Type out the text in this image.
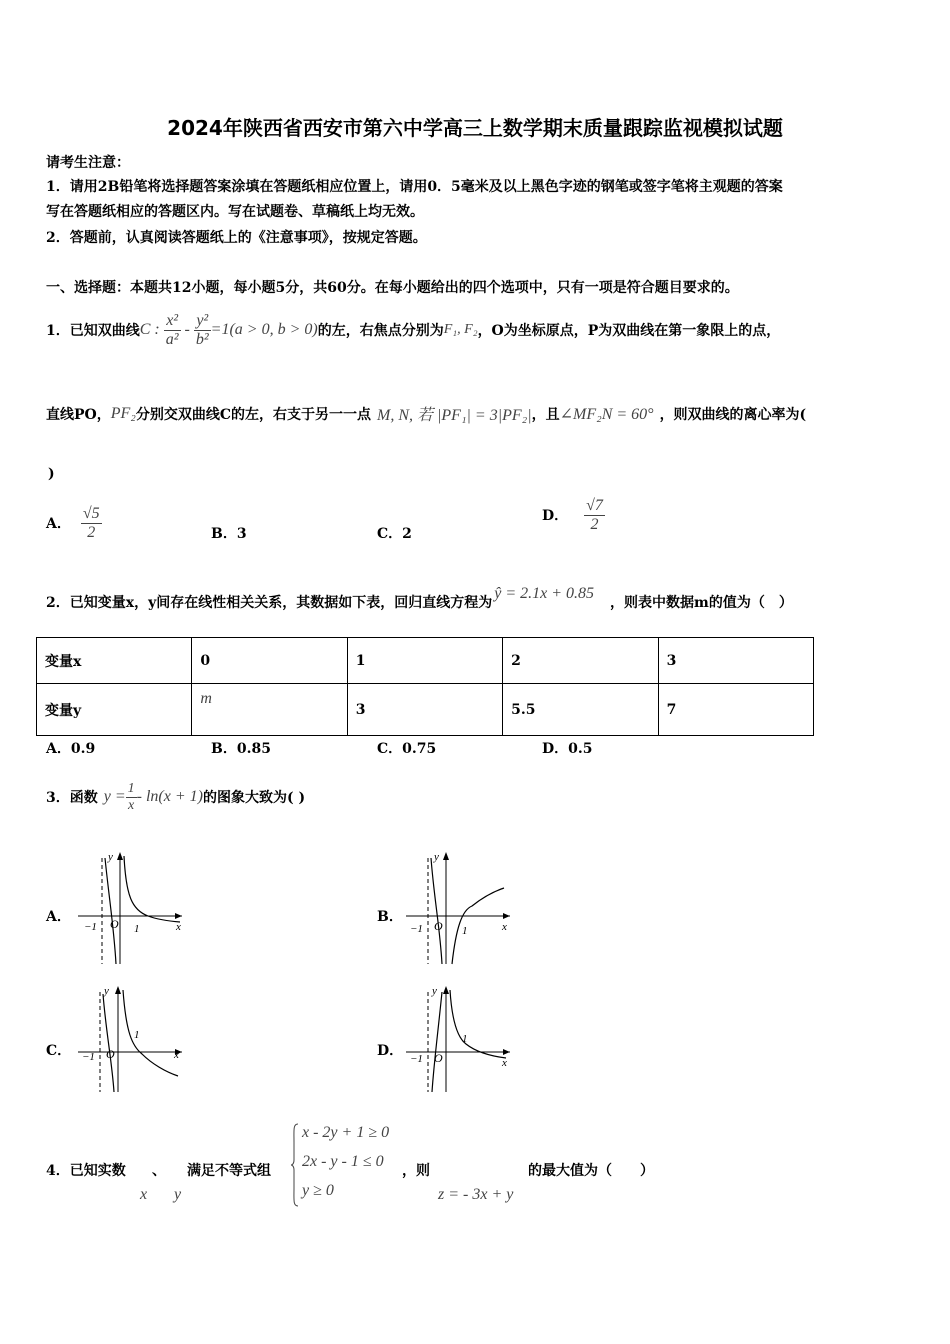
2024年陕西省西安市第六中学高三上数学期末质量跟踪监视模拟试题
请考生注意：
1．请用2B铅笔将选择题答案涂填在答题纸相应位置上，请用0．5毫米及以上黑色字迹的钢笔或签字笔将主观题的答案
写在答题纸相应的答题区内。写在试题卷、草稿纸上均无效。
2．答题前，认真阅读答题纸上的《注意事项》，按规定答题。
一、选择题：本题共12小题，每小题5分，共60分。在每小题给出的四个选项中，只有一项是符合题目要求的。
1．已知双曲线 C : $\frac{\text{x²}}{\text{a²}} - \frac{\text{y²}}{\text{b²}} =1(a > 0$, b > 0) 的左，右焦点分别为 F₁, F₂ ，O为坐标原点，P为双曲线在第一象限上的点，
直线PO， PF₂ 分别交双曲线C的左，右支于另一一点 M, N, 若 |PF₁| = 3|PF₂| ，且 ∠MF₂N = 60° ，则双曲线的离心率为(
)
A． $\frac{√5}{2}$	B．3	C．2
D． $\frac{√7}{2}$
2．已知变量x，y间存在线性相关关系，其数据如下表，回归直线方程为
ŷ = 2.1x + 0.85
，则表中数据m的值为（　）
变量x	0	1	2	3
变量y	m	3	5.5	7
A．0.9	B．0.85	C．0.75	D．0.5
3．函数 $y = \frac{1}{x} - \ln(x + 1)$ 的图象大致为( )
A．	B．
C．	D．
y
x
O
−1	1
y
x
O
−1	1
y
x
O
−1
1
y
x
O
−1
1
4．已知实数 、 满足不等式组
x y
x - 2y + 1 ≥ 0
2x - y - 1 ≤ 0
y ≥ 0
，则
z = - 3x + y
的最大值为（　　）
